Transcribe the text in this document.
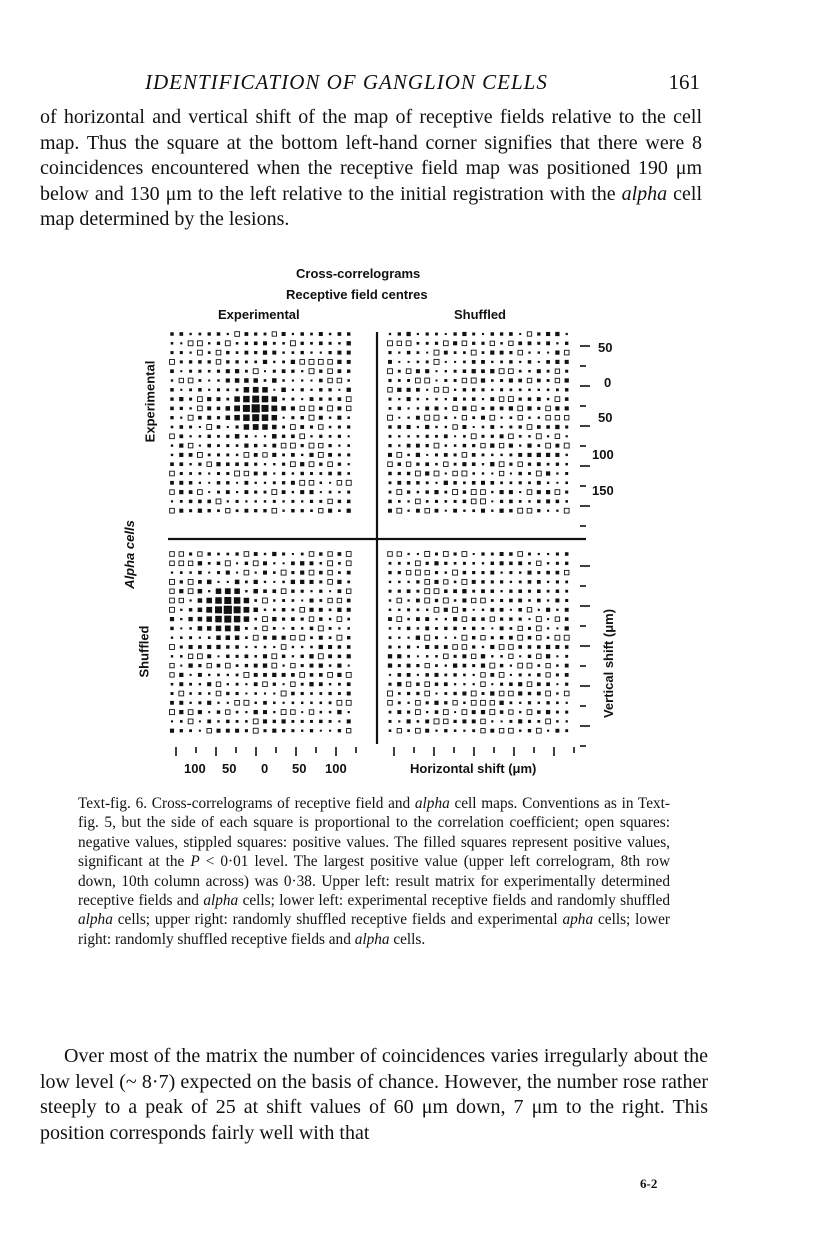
IDENTIFICATION OF GANGLION CELLS	161

of horizontal and vertical shift of the map of receptive fields relative to the cell map. Thus the square at the bottom left-hand corner signifies that there were 8 coincidences encountered when the receptive field map was positioned 190 μm below and 130 μm to the left relative to the initial registration with the alpha cell map determined by the lesions.

Cross-correlograms
Receptive field centres
Experimental	Shuffled
Experimental
Shuffled
Alpha cells
Vertical shift (μm)
50
0
50
100
150
100 50 0 50 100	Horizontal shift (μm)

Text-fig. 6. Cross-correlograms of receptive field and alpha cell maps. Conventions as in Text-fig. 5, but the side of each square is proportional to the correlation coefficient; open squares: negative values, stippled squares: positive values. The filled squares represent positive values, significant at the P < 0·01 level. The largest positive value (upper left correlogram, 8th row down, 10th column across) was 0·38. Upper left: result matrix for experimentally determined receptive fields and alpha cells; lower left: experimental receptive fields and randomly shuffled alpha cells; upper right: randomly shuffled receptive fields and experimental apha cells; lower right: randomly shuffled receptive fields and alpha cells.

Over most of the matrix the number of coincidences varies irregularly about the low level (~ 8·7) expected on the basis of chance. However, the number rose rather steeply to a peak of 25 at shift values of 60 μm down, 7 μm to the right. This position corresponds fairly well with that

6-2
